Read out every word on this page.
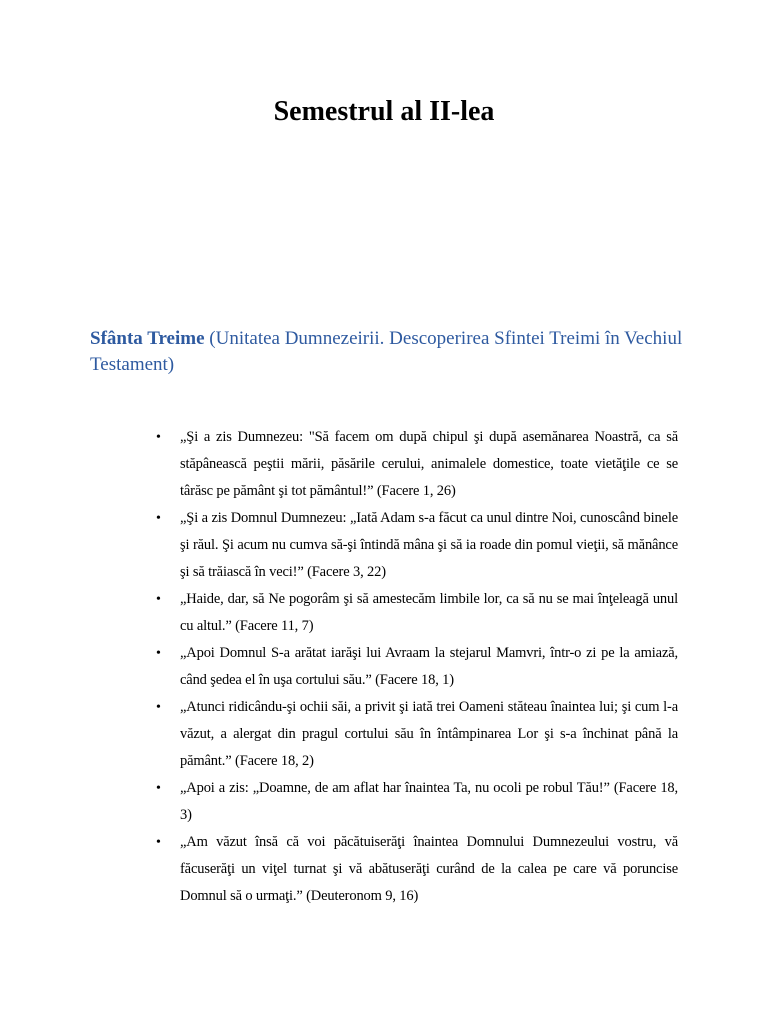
Semestrul al II-lea
Sfânta Treime (Unitatea Dumnezeirii. Descoperirea Sfintei Treimi în Vechiul Testament)
• „Şi a zis Dumnezeu: "Să facem om după chipul şi după asemănarea Noastră, ca să stăpânească peştii mării, păsările cerului, animalele domestice, toate vietăţile ce se târăsc pe pământ şi tot pământul!” (Facere 1, 26)
• „Şi a zis Domnul Dumnezeu: „Iată Adam s-a făcut ca unul dintre Noi, cunoscând binele şi răul. Şi acum nu cumva să-şi întindă mâna şi să ia roade din pomul vieţii, să mănânce şi să trăiască în veci!” (Facere 3, 22)
• „Haide, dar, să Ne pogorâm şi să amestecăm limbile lor, ca să nu se mai înţeleagă unul cu altul.” (Facere 11, 7)
• „Apoi Domnul S-a arătat iarăşi lui Avraam la stejarul Mamvri, într-o zi pe la amiază, când şedea el în uşa cortului său.” (Facere 18, 1)
• „Atunci ridicându-şi ochii săi, a privit şi iată trei Oameni stăteau înaintea lui; şi cum l-a văzut, a alergat din pragul cortului său în întâmpinarea Lor şi s-a închinat până la pământ.” (Facere 18, 2)
• „Apoi a zis: „Doamne, de am aflat har înaintea Ta, nu ocoli pe robul Tău!” (Facere 18, 3)
• „Am văzut însă că voi păcătuiserăţi înaintea Domnului Dumnezeului vostru, vă făcuserăţi un viţel turnat şi vă abătuserăţi curând de la calea pe care vă poruncise Domnul să o urmaţi.” (Deuteronom 9, 16)
